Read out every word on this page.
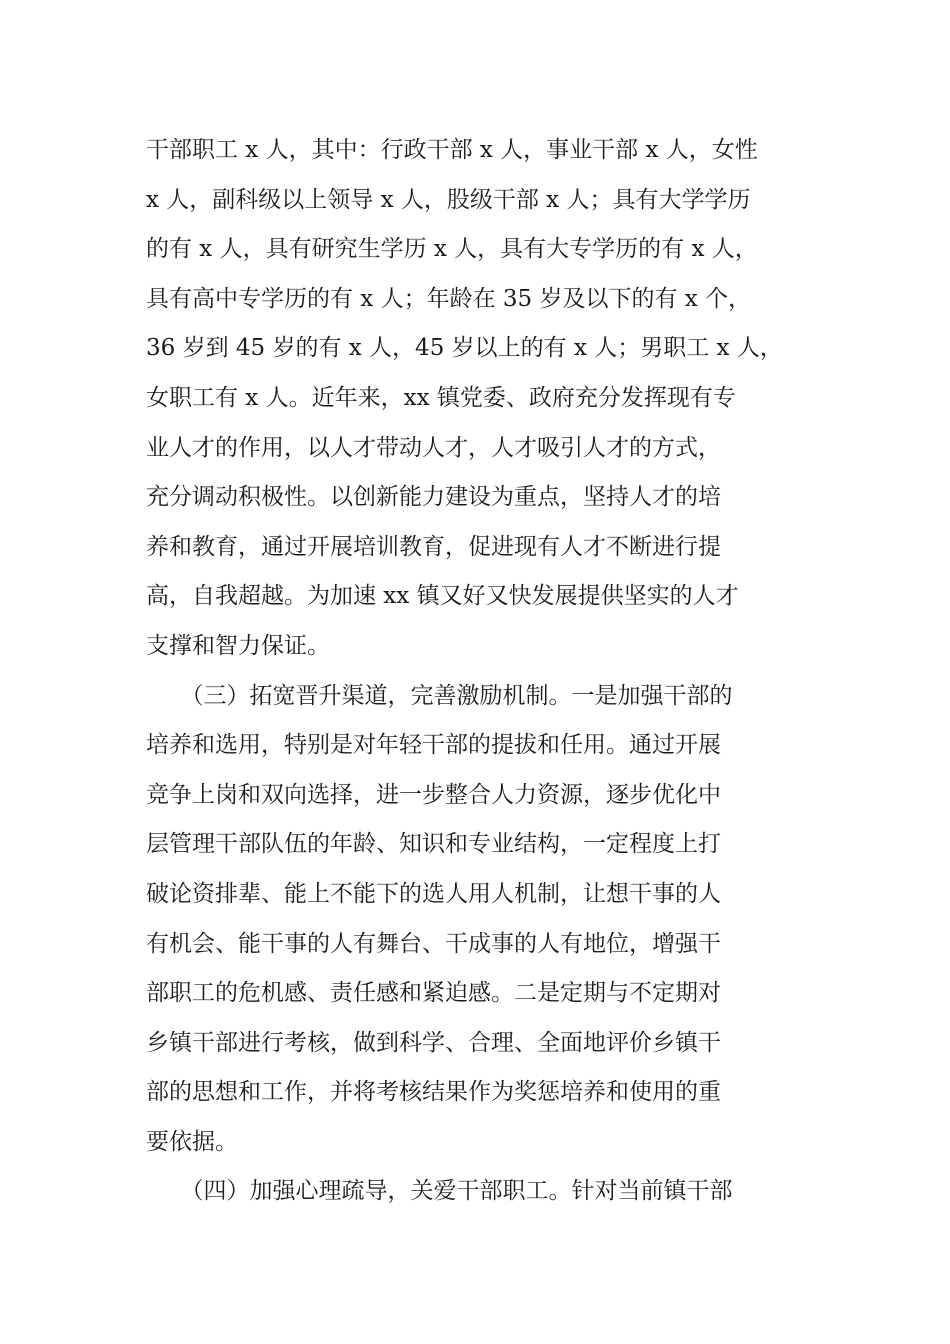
干部职工 x 人，其中：行政干部 x 人，事业干部 x 人，女性
x 人，副科级以上领导 x 人，股级干部 x 人；具有大学学历
的有 x 人，具有研究生学历 x 人，具有大专学历的有 x 人，
具有高中专学历的有 x 人；年龄在 35 岁及以下的有 x 个，
36 岁到 45 岁的有 x 人，45 岁以上的有 x 人；男职工 x 人，
女职工有 x 人。近年来，xx 镇党委、政府充分发挥现有专
业人才的作用，以人才带动人才，人才吸引人才的方式，
充分调动积极性。以创新能力建设为重点，坚持人才的培
养和教育，通过开展培训教育，促进现有人才不断进行提
高，自我超越。为加速 xx 镇又好又快发展提供坚实的人才
支撑和智力保证。
　　（三）拓宽晋升渠道，完善激励机制。一是加强干部的
培养和选用，特别是对年轻干部的提拔和任用。通过开展
竞争上岗和双向选择，进一步整合人力资源，逐步优化中
层管理干部队伍的年龄、知识和专业结构，一定程度上打
破论资排辈、能上不能下的选人用人机制，让想干事的人
有机会、能干事的人有舞台、干成事的人有地位，增强干
部职工的危机感、责任感和紧迫感。二是定期与不定期对
乡镇干部进行考核，做到科学、合理、全面地评价乡镇干
部的思想和工作，并将考核结果作为奖惩培养和使用的重
要依据。
　　（四）加强心理疏导，关爱干部职工。针对当前镇干部
